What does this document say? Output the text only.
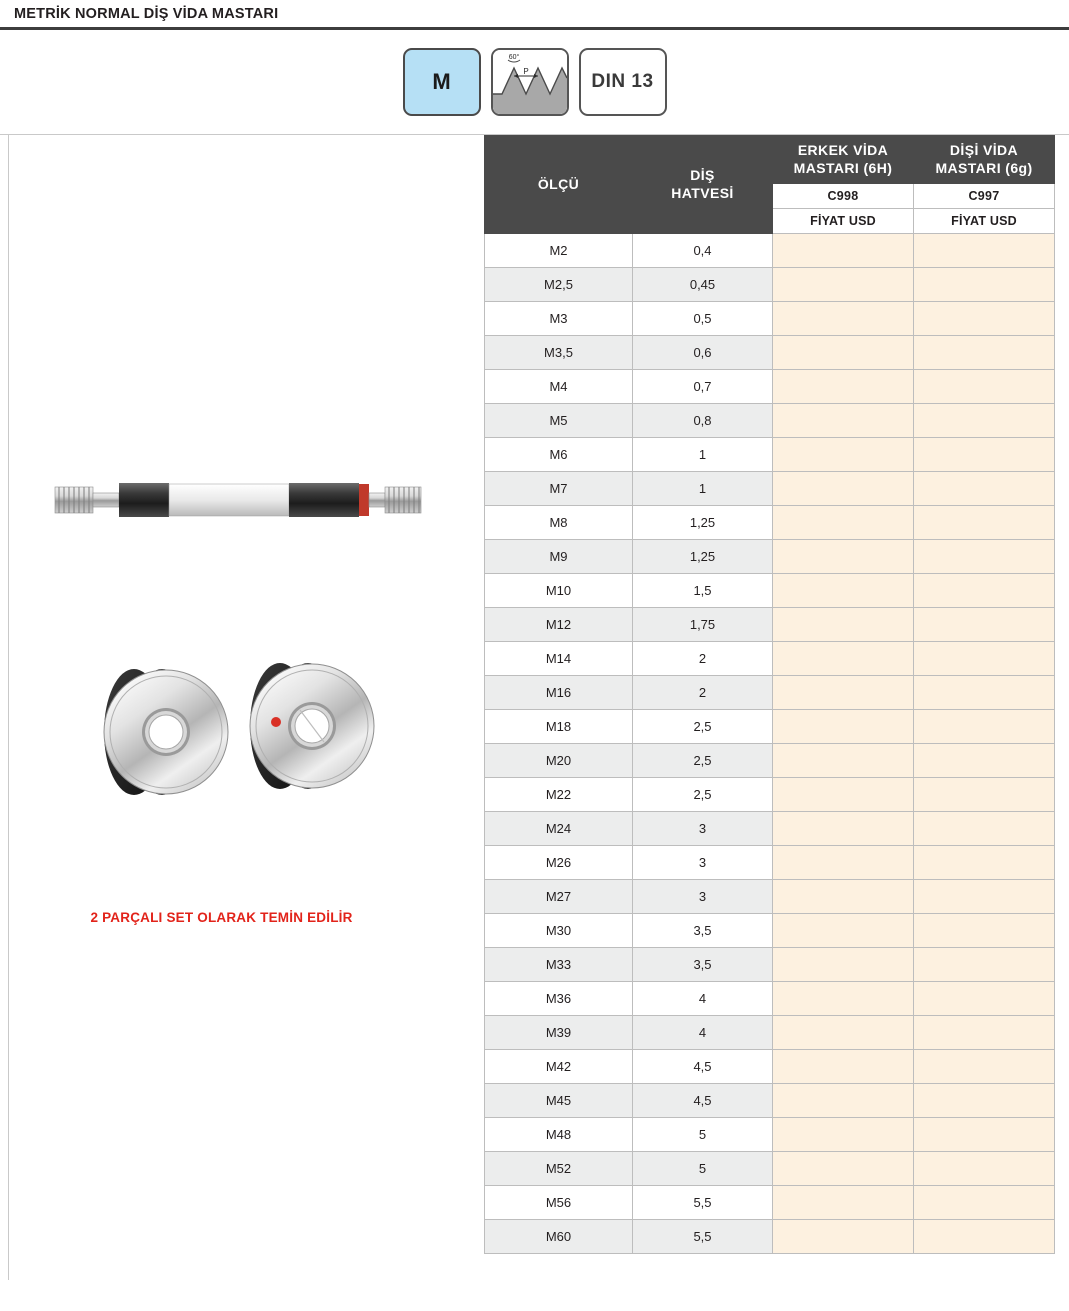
METRİK NORMAL DİŞ VİDA MASTARI
M
60°
P	DIN 13
2 PARÇALI SET OLARAK TEMİN EDİLİR
ÖLÇÜ	
DİŞ
HATVESİ

ERKEK VİDA
MASTARI (6H)

DİŞİ VİDA
MASTARI (6g)

		C998	C997
		FİYAT USD	FİYAT USD
M2	0,4		
M2,5	0,45		
M3	0,5		
M3,5	0,6		
M4	0,7		
M5	0,8		
M6	1		
M7	1		
M8	1,25		
M9	1,25		
M10	1,5		
M12	1,75		
M14	2		
M16	2		
M18	2,5		
M20	2,5		
M22	2,5		
M24	3		
M26	3		
M27	3		
M30	3,5		
M33	3,5		
M36	4		
M39	4		
M42	4,5		
M45	4,5		
M48	5		
M52	5		
M56	5,5		
M60	5,5		
